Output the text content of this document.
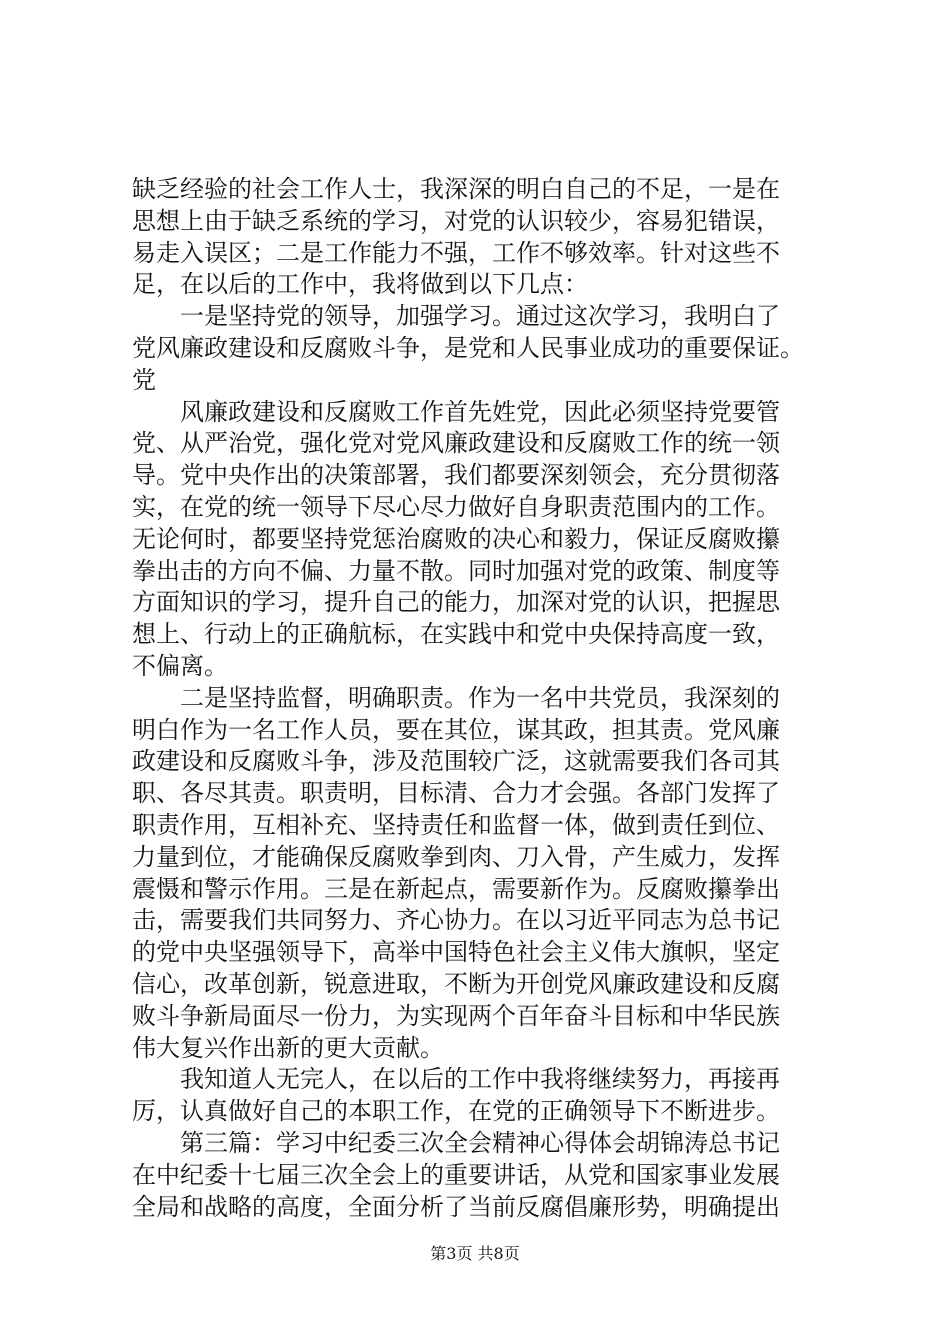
缺乏经验的社会工作人士，我深深的明白自己的不足，一是在
思想上由于缺乏系统的学习，对党的认识较少，容易犯错误，
易走入误区；二是工作能力不强，工作不够效率。针对这些不
足，在以后的工作中，我将做到以下几点：
　　一是坚持党的领导，加强学习。通过这次学习，我明白了
党风廉政建设和反腐败斗争，是党和人民事业成功的重要保证。
党
　　风廉政建设和反腐败工作首先姓党，因此必须坚持党要管
党、从严治党，强化党对党风廉政建设和反腐败工作的统一领
导。党中央作出的决策部署，我们都要深刻领会，充分贯彻落
实，在党的统一领导下尽心尽力做好自身职责范围内的工作。
无论何时，都要坚持党惩治腐败的决心和毅力，保证反腐败攥
拳出击的方向不偏、力量不散。同时加强对党的政策、制度等
方面知识的学习，提升自己的能力，加深对党的认识，把握思
想上、行动上的正确航标，在实践中和党中央保持高度一致，
不偏离。
　　二是坚持监督，明确职责。作为一名中共党员，我深刻的
明白作为一名工作人员，要在其位，谋其政，担其责。党风廉
政建设和反腐败斗争，涉及范围较广泛，这就需要我们各司其
职、各尽其责。职责明，目标清、合力才会强。各部门发挥了
职责作用，互相补充、坚持责任和监督一体，做到责任到位、
力量到位，才能确保反腐败拳到肉、刀入骨，产生威力，发挥
震慑和警示作用。三是在新起点，需要新作为。反腐败攥拳出
击，需要我们共同努力、齐心协力。在以习近平同志为总书记
的党中央坚强领导下，高举中国特色社会主义伟大旗帜，坚定
信心，改革创新，锐意进取，不断为开创党风廉政建设和反腐
败斗争新局面尽一份力，为实现两个百年奋斗目标和中华民族
伟大复兴作出新的更大贡献。
　　我知道人无完人，在以后的工作中我将继续努力，再接再
厉，认真做好自己的本职工作，在党的正确领导下不断进步。
　　第三篇：学习中纪委三次全会精神心得体会胡锦涛总书记
在中纪委十七届三次全会上的重要讲话，从党和国家事业发展
全局和战略的高度，全面分析了当前反腐倡廉形势，明确提出
第3页 共8页
